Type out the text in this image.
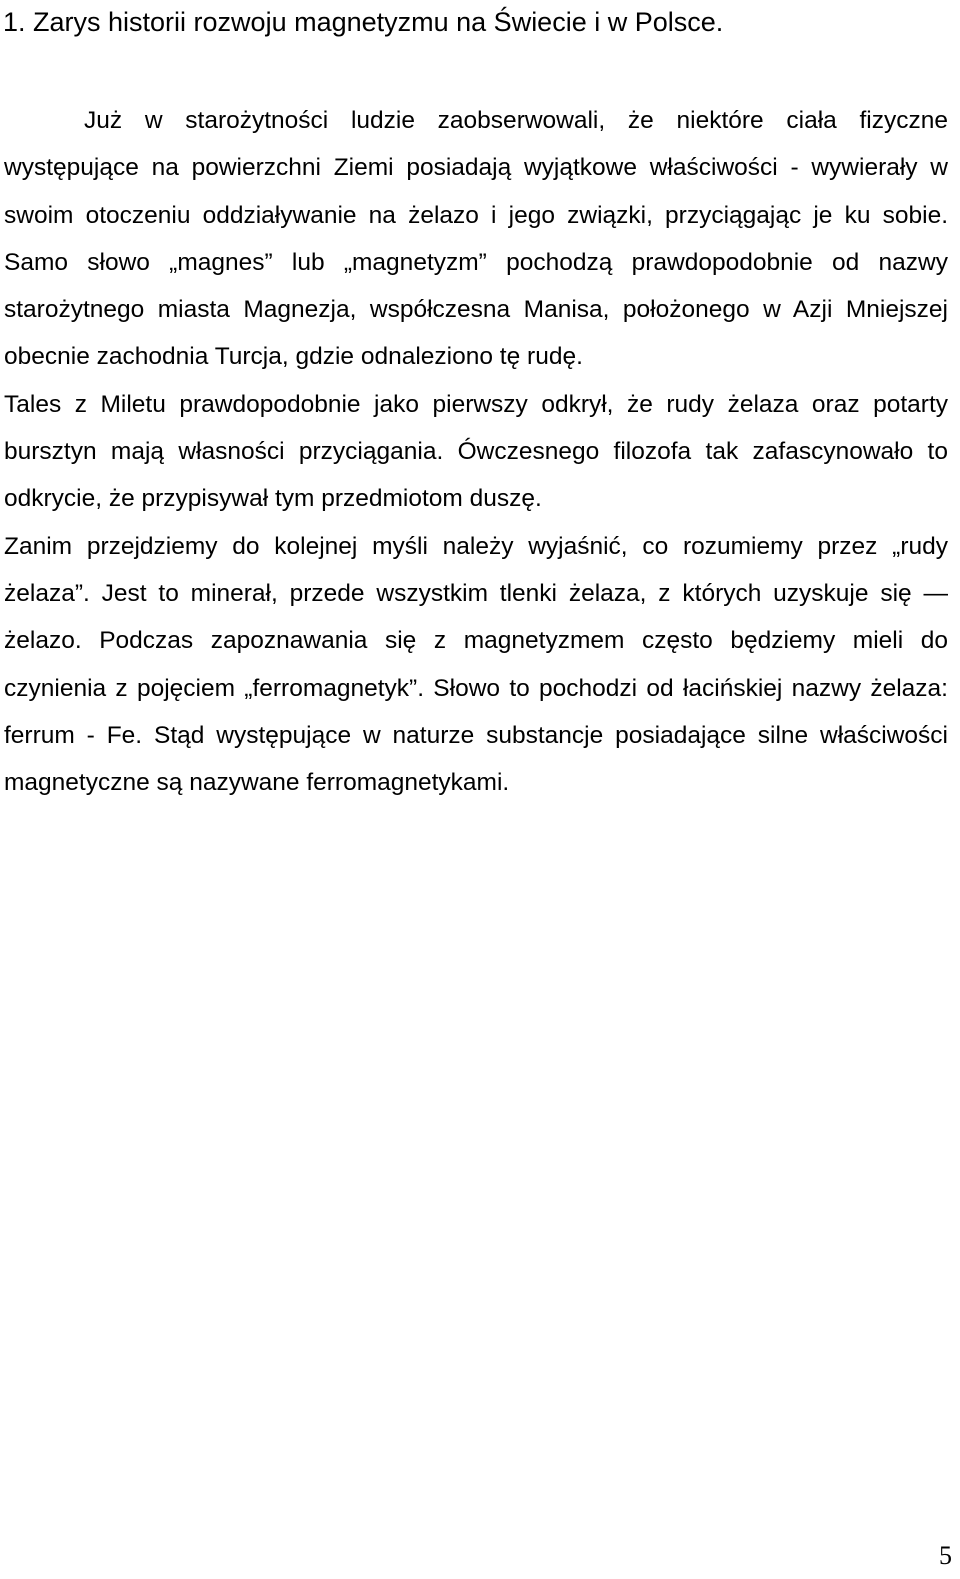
1. Zarys historii rozwoju magnetyzmu na Świecie i w Polsce.

Już w starożytności ludzie zaobserwowali, że niektóre ciała fizyczne występujące na powierzchni Ziemi posiadają wyjątkowe właściwości - wywierały w swoim otoczeniu oddziaływanie na żelazo i jego związki, przyciągając je ku sobie. Samo słowo „magnes” lub „magnetyzm” pochodzą prawdopodobnie od nazwy starożytnego miasta Magnezja, współczesna Manisa, położonego w Azji Mniejszej obecnie zachodnia Turcja, gdzie odnaleziono tę rudę.

Tales z Miletu prawdopodobnie jako pierwszy odkrył, że rudy żelaza oraz potarty bursztyn mają własności przyciągania. Ówczesnego filozofa tak zafascynowało to odkrycie, że przypisywał tym przedmiotom duszę.

Zanim przejdziemy do kolejnej myśli należy wyjaśnić, co rozumiemy przez „rudy żelaza”. Jest to minerał, przede wszystkim tlenki żelaza, z których uzyskuje się — żelazo. Podczas zapoznawania się z magnetyzmem często będziemy mieli do czynienia z pojęciem „ferromagnetyk”. Słowo to pochodzi od łacińskiej nazwy żelaza: ferrum - Fe. Stąd występujące w naturze substancje posiadające silne właściwości magnetyczne są nazywane ferromagnetykami.

5
